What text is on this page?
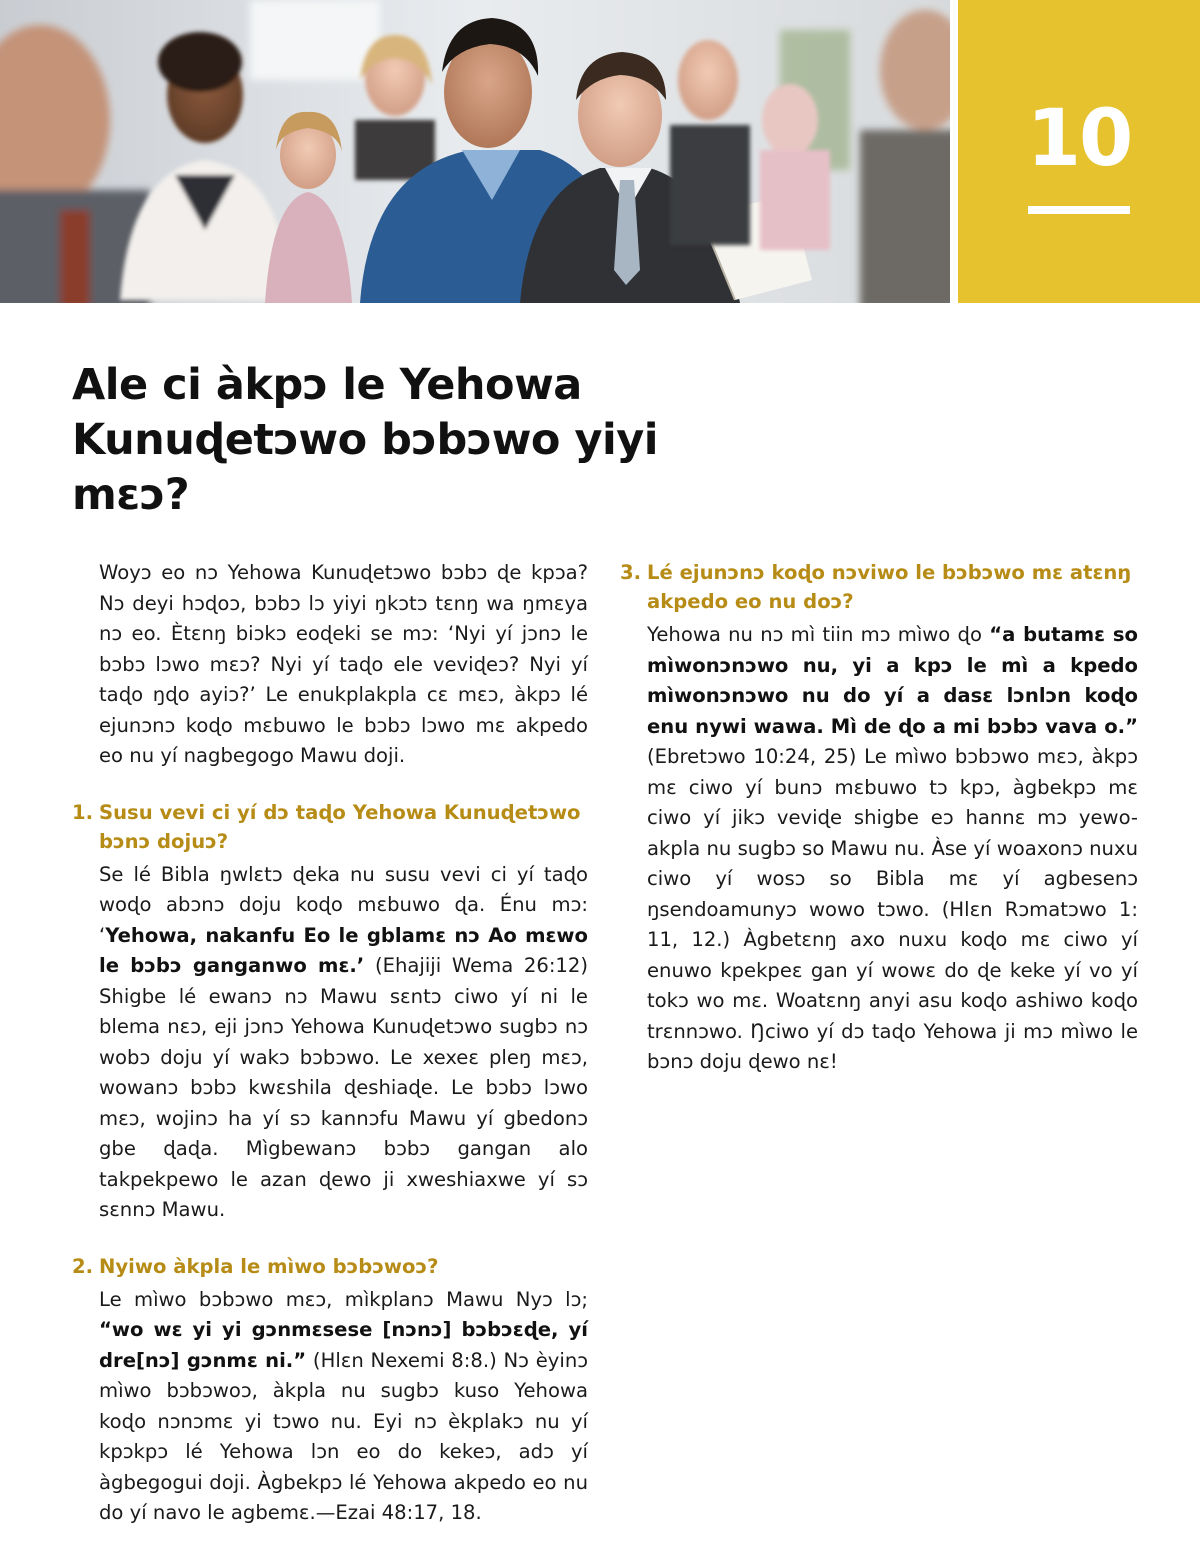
10
Ale ci àkpɔ le Yehowa Kunuɖetɔwo bɔbɔwo yiyi mɛɔ?

Woyɔ eo nɔ Yehowa Kunuɖetɔwo bɔbɔ ɖe kpɔa? Nɔ deyi hɔɖoɔ, bɔbɔ lɔ yiyi ŋkɔtɔ tɛnŋ wa ŋmɛya nɔ eo. Ètɛnŋ biɔkɔ eoɖeki se mɔ: ‘Nyi yí jɔnɔ le bɔbɔ lɔwo mɛɔ? Nyi yí taɖo ele veviɖeɔ? Nyi yí taɖo ŋɖo ayiɔ?’ Le enukplakpla cɛ mɛɔ, àkpɔ lé ejunɔnɔ koɖo mɛbuwo le bɔbɔ lɔwo mɛ akpedo eo nu yí nagbegogo Mawu doji.

1. Susu vevi ci yí dɔ taɖo Yehowa Kunuɖetɔwo bɔnɔ dojuɔ?

Se lé Bibla ŋwlɛtɔ ɖeka nu susu vevi ci yí taɖo woɖo abɔnɔ doju koɖo mɛbuwo ɖa. Énu mɔ: ‘Yehowa, nakanfu Eo le gblamɛ nɔ Ao mɛwo le bɔbɔ ganganwo mɛ.’ (Ehajiji Wema 26:12) Shigbe lé ewanɔ nɔ Mawu sɛntɔ ciwo yí ni le blema nɛɔ, eji jɔnɔ Yehowa Kunuɖetɔwo sugbɔ nɔ wobɔ doju yí wakɔ bɔbɔwo. Le xexeɛ pleŋ mɛɔ, wowanɔ bɔbɔ kwɛshila ɖeshiaɖe. Le bɔbɔ lɔwo mɛɔ, wojinɔ ha yí sɔ kannɔfu Mawu yí gbedonɔ gbe ɖaɖa. Mìgbewanɔ bɔbɔ gangan alo takpekpewo le azan ɖewo ji xweshiaxwe yí sɔ sɛnnɔ Mawu.

2. Nyiwo àkpla le mìwo bɔbɔwoɔ?

Le mìwo bɔbɔwo mɛɔ, mìkplanɔ Mawu Nyɔ lɔ; “wo wɛ yi yi gɔnmɛsese [nɔnɔ] bɔbɔɛɖe, yí dre[nɔ] gɔnmɛ ni.” (Hlɛn Nexemi 8:8.) Nɔ èyinɔ mìwo bɔbɔwoɔ, àkpla nu sugbɔ kuso Yehowa koɖo nɔnɔmɛ yi tɔwo nu. Eyi nɔ èkplakɔ nu yí kpɔkpɔ lé Yehowa lɔn eo do kekeɔ, adɔ yí àgbegogui doji. Àgbekpɔ lé Yehowa akpedo eo nu do yí navo le agbemɛ.—Ezai 48:17, 18.

3. Lé ejunɔnɔ koɖo nɔviwo le bɔbɔwo mɛ atɛnŋ akpedo eo nu doɔ?

Yehowa nu nɔ mì tiin mɔ mìwo ɖo “a butamɛ so mìwonɔnɔwo nu, yi a kpɔ le mì a kpedo mìwonɔnɔwo nu do yí a dasɛ lɔnlɔn koɖo enu nywi wawa. Mì de ɖo a mi bɔbɔ vava o.” (Ebretɔwo 10:24, 25) Le mìwo bɔbɔwo mɛɔ, àkpɔ mɛ ciwo yí bunɔ mɛbuwo tɔ kpɔ, àgbekpɔ mɛ ciwo yí jikɔ veviɖe shigbe eɔ hannɛ mɔ yewo-akpla nu sugbɔ so Mawu nu. Àse yí woaxonɔ nuxu ciwo yí wosɔ so Bibla mɛ yí agbesenɔ ŋsendoamunyɔ wowo tɔwo. (Hlɛn Rɔmatɔwo 1: 11, 12.) Àgbetɛnŋ axo nuxu koɖo mɛ ciwo yí enuwo kpekpeɛ gan yí wowɛ do ɖe keke yí vo yí tokɔ wo mɛ. Woatɛnŋ anyi asu koɖo ashiwo koɖo trɛnnɔwo. Ŋciwo yí dɔ taɖo Yehowa ji mɔ mìwo le bɔnɔ doju ɖewo nɛ!
